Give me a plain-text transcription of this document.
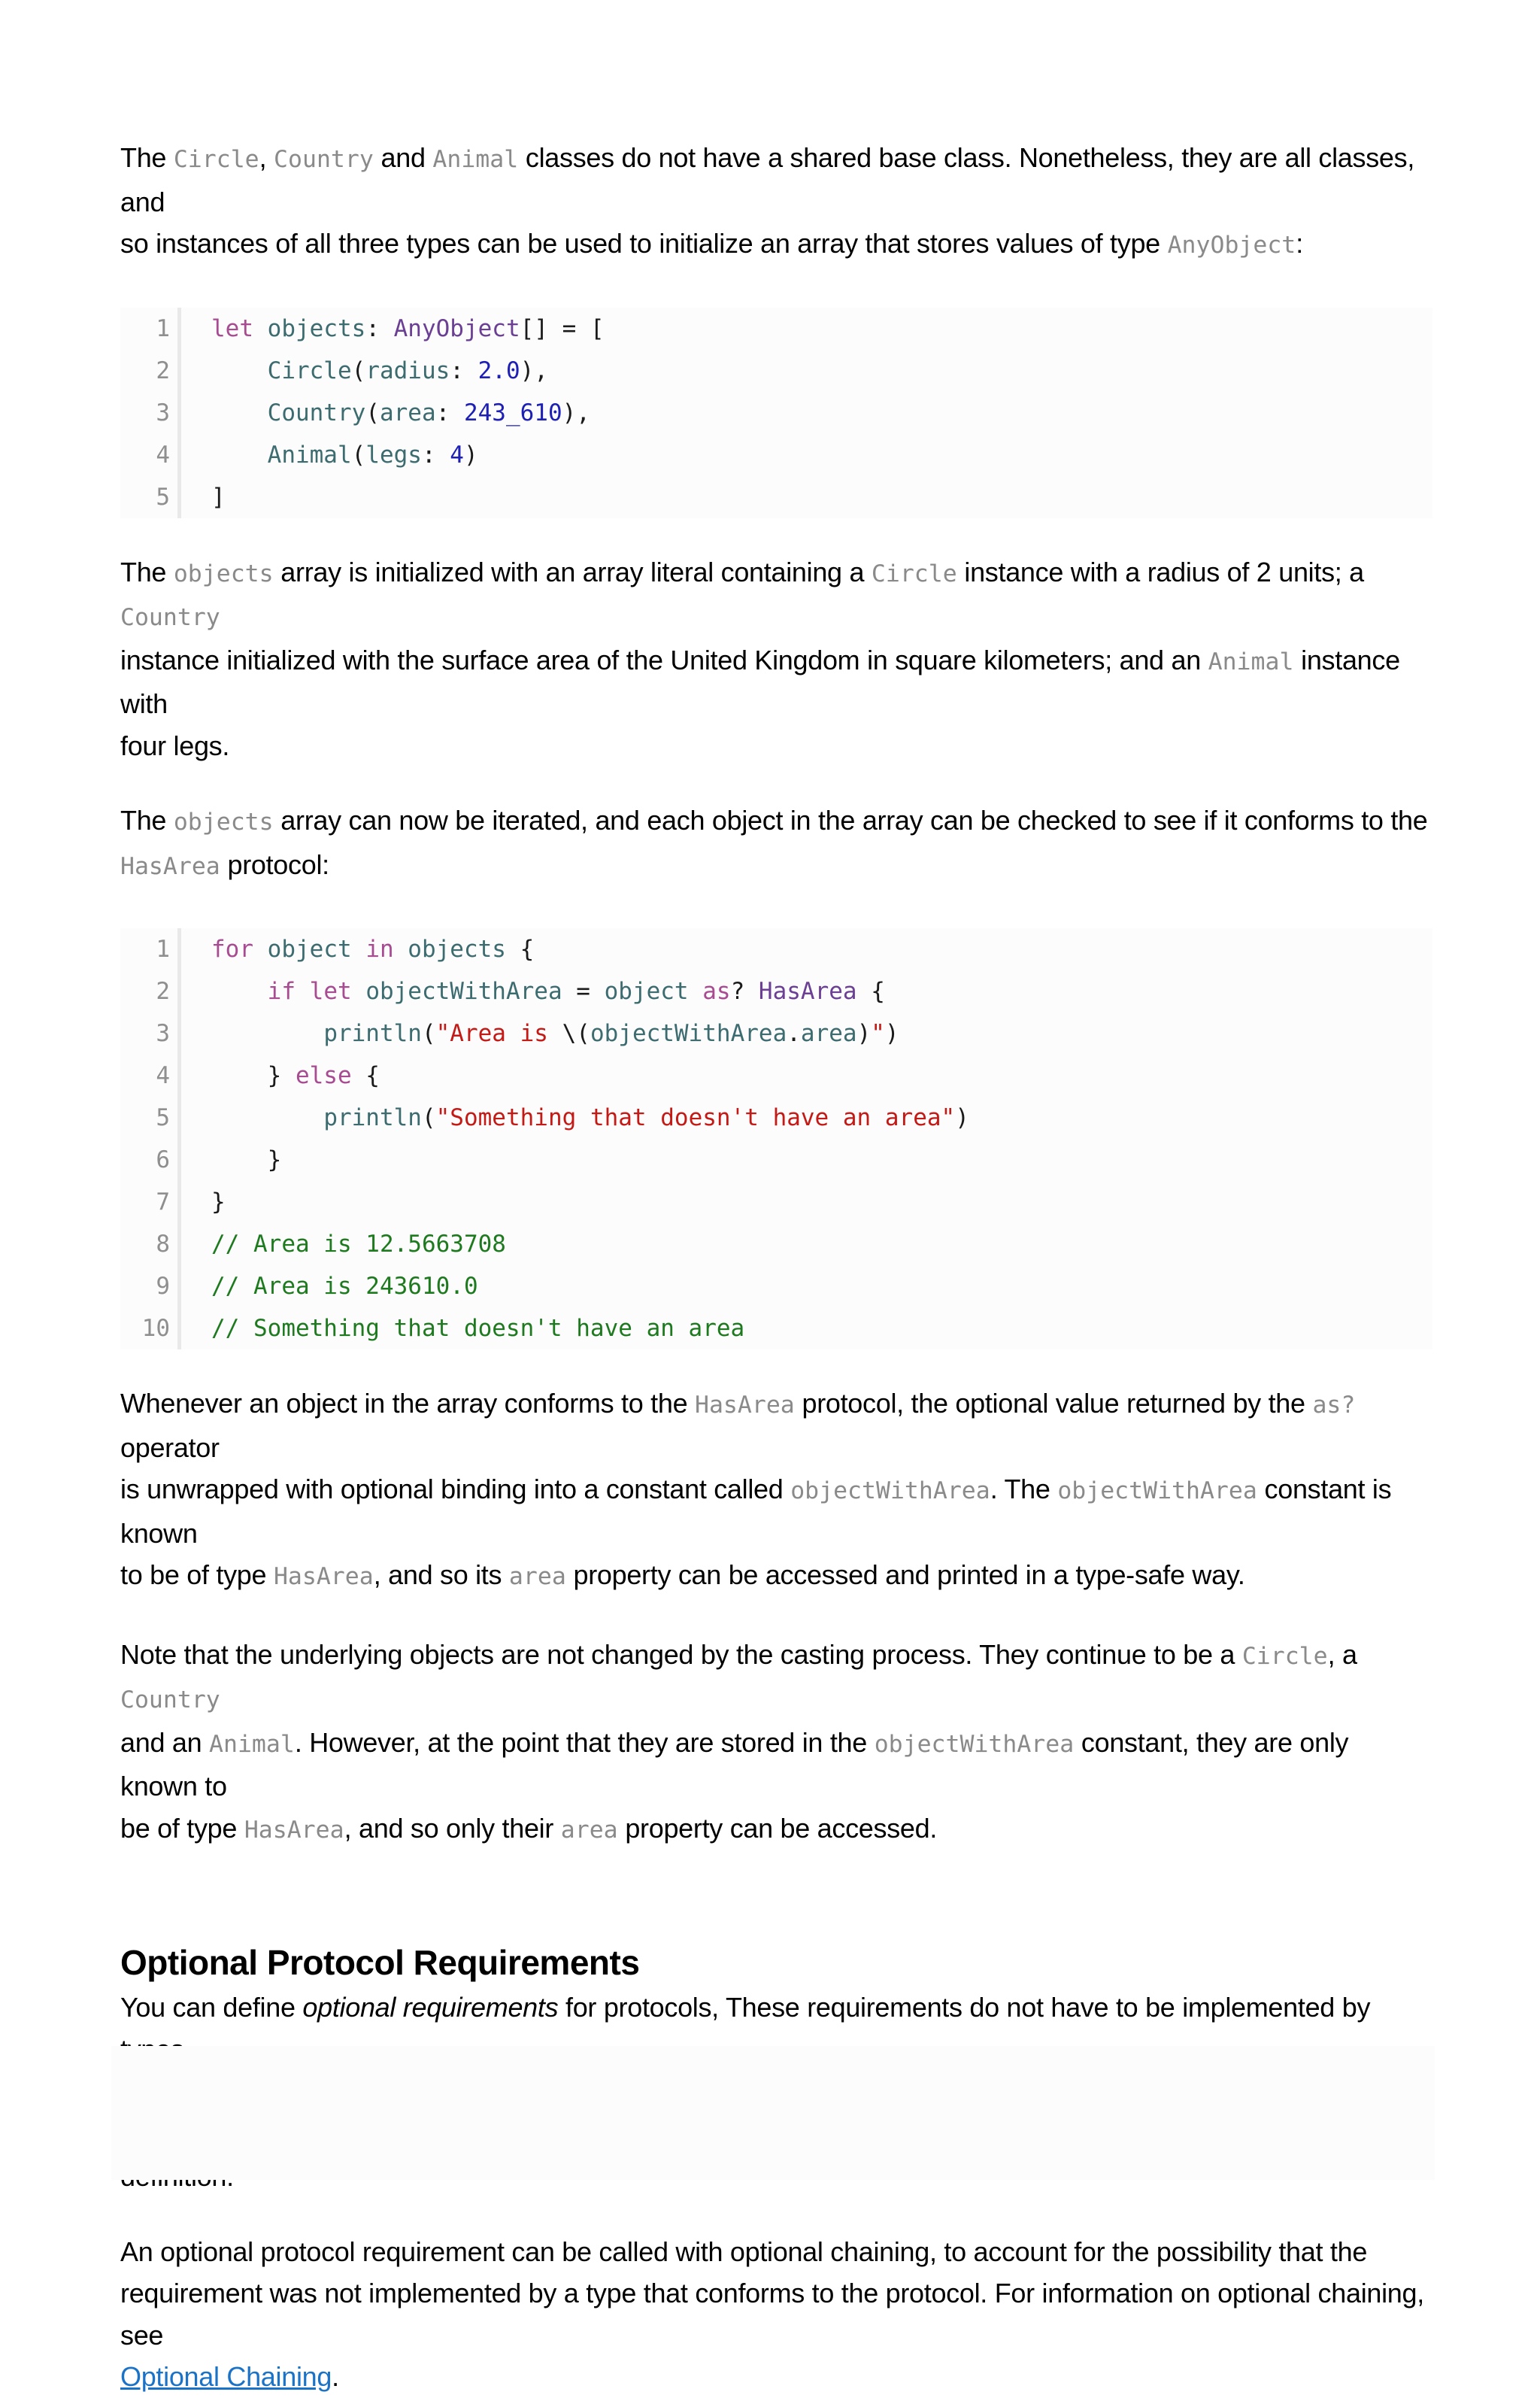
The Circle, Country and Animal classes do not have a shared base class. Nonetheless, they are all classes, and
so instances of all three types can be used to initialize an array that stores values of type AnyObject:

1
2
3
4
5
let objects: AnyObject[] = [
Circle(radius: 2.0),
Country(area: 243_610),
Animal(legs: 4)
]

The objects array is initialized with an array literal containing a Circle instance with a radius of 2 units; a Country
instance initialized with the surface area of the United Kingdom in square kilometers; and an Animal instance with
four legs.

The objects array can now be iterated, and each object in the array can be checked to see if it conforms to the
HasArea protocol:

1
2
3
4
5
6
7
8
9
10
for object in objects {
if let objectWithArea = object as? HasArea {
println("Area is \(objectWithArea.area)")
} else {
println("Something that doesn't have an area")
}
}
// Area is 12.5663708
// Area is 243610.0
// Something that doesn't have an area

Whenever an object in the array conforms to the HasArea protocol, the optional value returned by the as? operator
is unwrapped with optional binding into a constant called objectWithArea. The objectWithArea constant is known
to be of type HasArea, and so its area property can be accessed and printed in a type-safe way.

Note that the underlying objects are not changed by the casting process. They continue to be a Circle, a Country
and an Animal. However, at the point that they are stored in the objectWithArea constant, they are only known to
be of type HasArea, and so only their area property can be accessed.

Optional Protocol Requirements

You can define optional requirements for protocols, These requirements do not have to be implemented by

An optional protocol requirement can be called with optional chaining, to account for the possibility that the
requirement was not implemented by a type that conforms to the protocol. For information on optional chaining, see
Optional Chaining.
